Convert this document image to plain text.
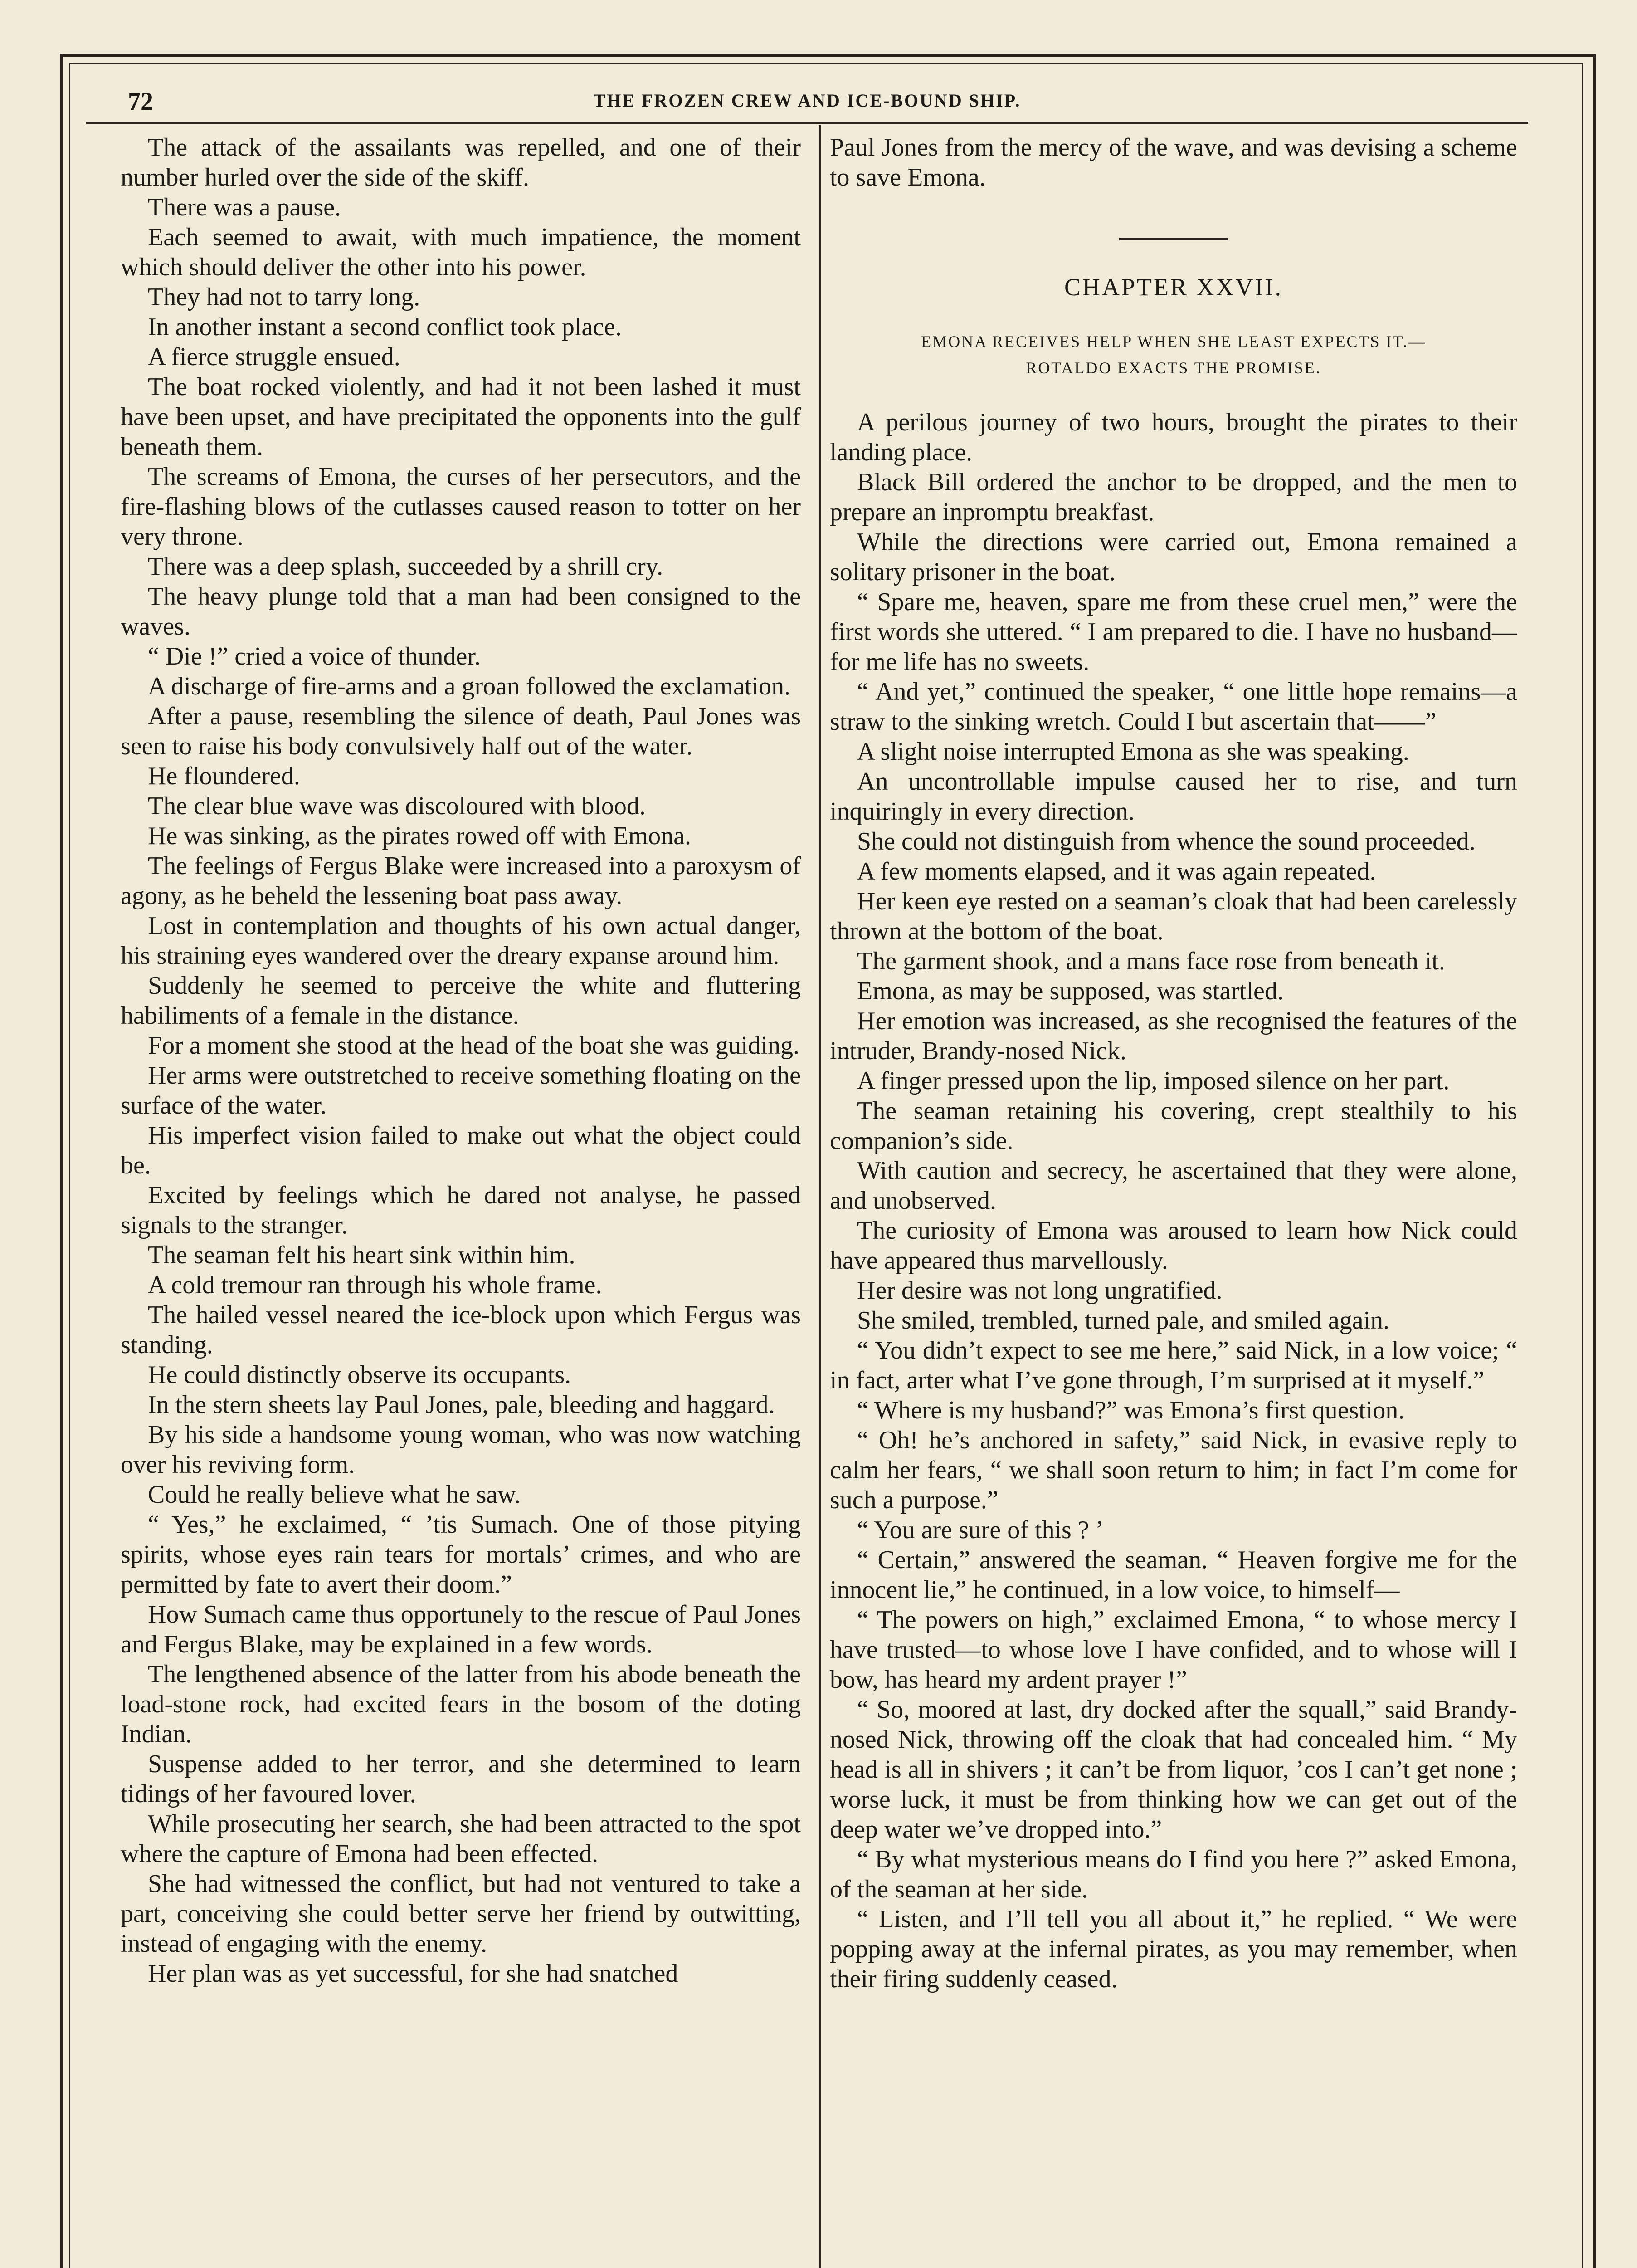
72	THE FROZEN CREW AND ICE-BOUND SHIP.

The attack of the assailants was repelled, and one of their number hurled over the side of the skiff.

There was a pause.

Each seemed to await, with much impatience, the moment which should deliver the other into his power.

They had not to tarry long.

In another instant a second conflict took place.

A fierce struggle ensued.

The boat rocked violently, and had it not been lashed it must have been upset, and have precipitated the opponents into the gulf beneath them.

The screams of Emona, the curses of her persecutors, and the fire-flashing blows of the cutlasses caused reason to totter on her very throne.

There was a deep splash, succeeded by a shrill cry.

The heavy plunge told that a man had been consigned to the waves.

“ Die !” cried a voice of thunder.

A discharge of fire-arms and a groan followed the exclamation.

After a pause, resembling the silence of death, Paul Jones was seen to raise his body convulsively half out of the water.

He floundered.

The clear blue wave was discoloured with blood.

He was sinking, as the pirates rowed off with Emona.

The feelings of Fergus Blake were increased into a paroxysm of agony, as he beheld the lessening boat pass away.

Lost in contemplation and thoughts of his own actual danger, his straining eyes wandered over the dreary expanse around him.

Suddenly he seemed to perceive the white and fluttering habiliments of a female in the distance.

For a moment she stood at the head of the boat she was guiding.

Her arms were outstretched to receive something floating on the surface of the water.

His imperfect vision failed to make out what the object could be.

Excited by feelings which he dared not analyse, he passed signals to the stranger.

The seaman felt his heart sink within him.

A cold tremour ran through his whole frame.

The hailed vessel neared the ice-block upon which Fergus was standing.

He could distinctly observe its occupants.

In the stern sheets lay Paul Jones, pale, bleeding and haggard.

By his side a handsome young woman, who was now watching over his reviving form.

Could he really believe what he saw.

“ Yes,” he exclaimed, “ ’tis Sumach. One of those pitying spirits, whose eyes rain tears for mortals’ crimes, and who are permitted by fate to avert their doom.”

How Sumach came thus opportunely to the rescue of Paul Jones and Fergus Blake, may be explained in a few words.

The lengthened absence of the latter from his abode beneath the load-stone rock, had excited fears in the bosom of the doting Indian.

Suspense added to her terror, and she determined to learn tidings of her favoured lover.

While prosecuting her search, she had been attracted to the spot where the capture of Emona had been effected.

She had witnessed the conflict, but had not ventured to take a part, conceiving she could better serve her friend by outwitting, instead of engaging with the enemy.

Her plan was as yet successful, for she had snatched

Paul Jones from the mercy of the wave, and was devising a scheme to save Emona.

CHAPTER XXVII.
EMONA RECEIVES HELP WHEN SHE LEAST EXPECTS IT.—
ROTALDO EXACTS THE PROMISE.

A perilous journey of two hours, brought the pirates to their landing place.

Black Bill ordered the anchor to be dropped, and the men to prepare an inpromptu breakfast.

While the directions were carried out, Emona remained a solitary prisoner in the boat.

“ Spare me, heaven, spare me from these cruel men,” were the first words she uttered. “ I am prepared to die. I have no husband—for me life has no sweets.

“ And yet,” continued the speaker, “ one little hope remains—a straw to the sinking wretch. Could I but ascertain that——”

A slight noise interrupted Emona as she was speaking.

An uncontrollable impulse caused her to rise, and turn inquiringly in every direction.

She could not distinguish from whence the sound proceeded.

A few moments elapsed, and it was again repeated.

Her keen eye rested on a seaman’s cloak that had been carelessly thrown at the bottom of the boat.

The garment shook, and a mans face rose from beneath it.

Emona, as may be supposed, was startled.

Her emotion was increased, as she recognised the features of the intruder, Brandy-nosed Nick.

A finger pressed upon the lip, imposed silence on her part.

The seaman retaining his covering, crept stealthily to his companion’s side.

With caution and secrecy, he ascertained that they were alone, and unobserved.

The curiosity of Emona was aroused to learn how Nick could have appeared thus marvellously.

Her desire was not long ungratified.

She smiled, trembled, turned pale, and smiled again.

“ You didn’t expect to see me here,” said Nick, in a low voice; “ in fact, arter what I’ve gone through, I’m surprised at it myself.”

“ Where is my husband?” was Emona’s first question.

“ Oh! he’s anchored in safety,” said Nick, in evasive reply to calm her fears, “ we shall soon return to him; in fact I’m come for such a purpose.”

“ You are sure of this ? ’

“ Certain,” answered the seaman. “ Heaven forgive me for the innocent lie,” he continued, in a low voice, to himself—

“ The powers on high,” exclaimed Emona, “ to whose mercy I have trusted—to whose love I have confided, and to whose will I bow, has heard my ardent prayer !”

“ So, moored at last, dry docked after the squall,” said Brandy-nosed Nick, throwing off the cloak that had concealed him. “ My head is all in shivers ; it can’t be from liquor, ’cos I can’t get none ; worse luck, it must be from thinking how we can get out of the deep water we’ve dropped into.”

“ By what mysterious means do I find you here ?” asked Emona, of the seaman at her side.

“ Listen, and I’ll tell you all about it,” he replied. “ We were popping away at the infernal pirates, as you may remember, when their firing suddenly ceased.
